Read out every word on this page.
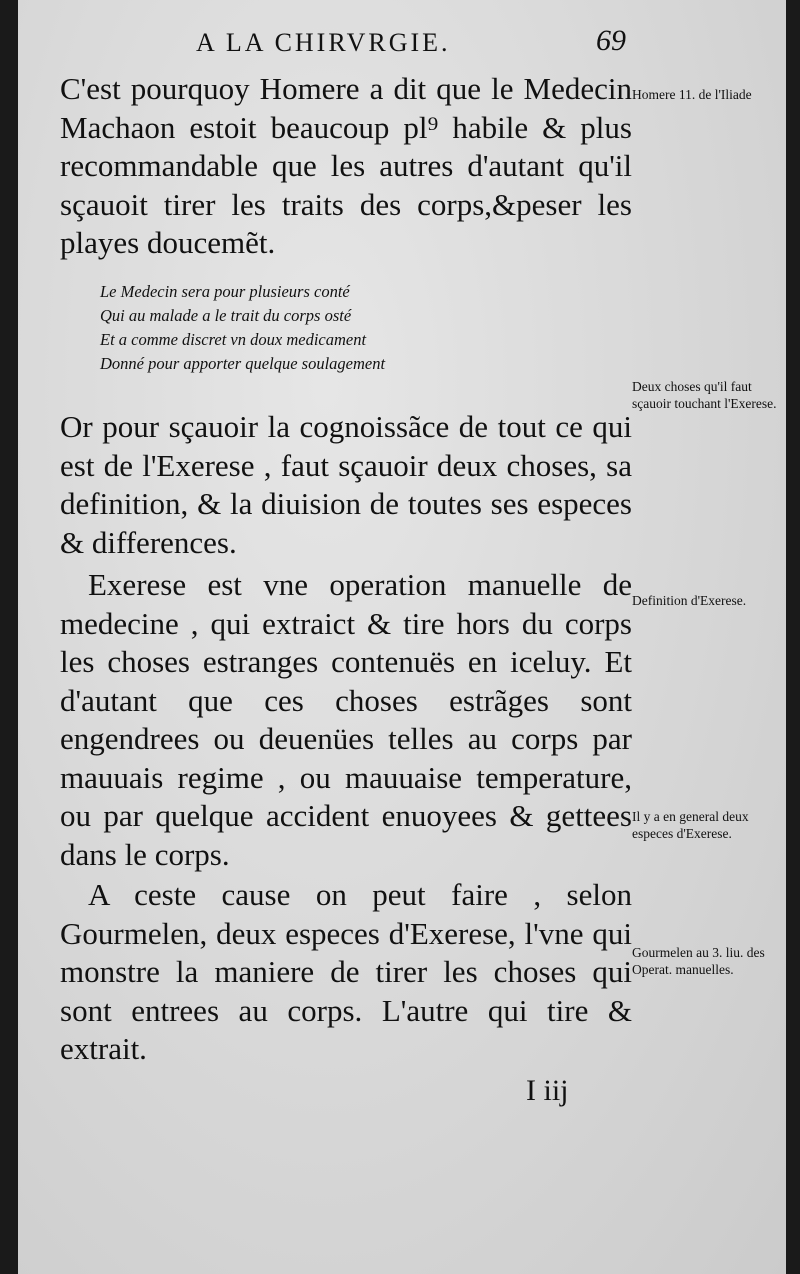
A LA CHIRVRGIE.	69
C'est pourquoy Homere a dit que le Medecin Machaon estoit beaucoup pl⁹ habile & plus recommandable que les autres d'autant qu'il sçauoit tirer les traits des corps,&peser les playes doucemẽt.
Le Medecin sera pour plusieurs conté
Qui au malade a le trait du corps osté
Et a comme discret vn doux medicament
Donné pour apporter quelque soulagement
Or pour sçauoir la cognoissãce de tout ce qui est de l'Exerese , faut sçauoir deux choses, sa definition, & la diuision de toutes ses especes & differences.
Exerese est vne operation manuelle de medecine , qui extraict & tire hors du corps les choses estranges contenuës en iceluy. Et d'autant que ces choses estrãges sont engendrees ou deuenües telles au corps par mauuais regime , ou mauuaise temperature, ou par quelque accident enuoyees & gettees dans le corps.
A ceste cause on peut faire , selon Gourmelen, deux especes d'Exerese, l'vne qui monstre la maniere de tirer les choses qui sont entrees au corps. L'autre qui tire & extrait.
Homere 11. de l'Iliade
Deux choses qu'il faut sçauoir touchant l'Exerese.
Definition d'Exerese.
Il y a en general deux especes d'Exerese.
Gourmelen au 3. liu. des Operat. manuelles.
I iij
